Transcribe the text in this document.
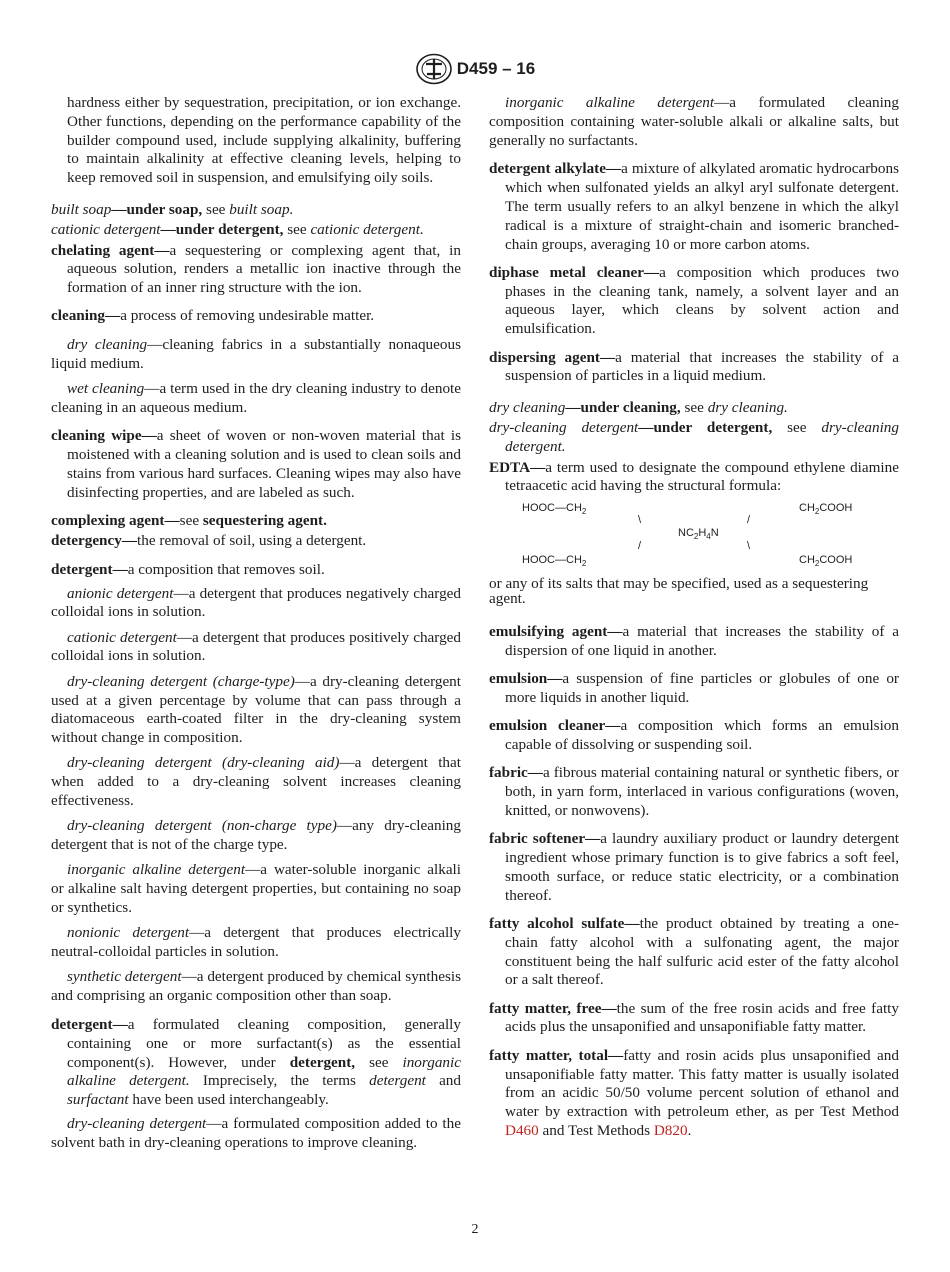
D459 – 16

hardness either by sequestration, precipitation, or ion exchange. Other functions, depending on the performance capability of the builder compound used, include supplying alkalinity, buffering to maintain alkalinity at effective cleaning levels, helping to keep removed soil in suspension, and emulsifying oily soils.

built soap—under soap, see built soap.

cationic detergent—under detergent, see cationic detergent.

chelating agent—a sequestering or complexing agent that, in aqueous solution, renders a metallic ion inactive through the formation of an inner ring structure with the ion.

cleaning—a process of removing undesirable matter.

dry cleaning—cleaning fabrics in a substantially nonaqueous liquid medium.

wet cleaning—a term used in the dry cleaning industry to denote cleaning in an aqueous medium.

cleaning wipe—a sheet of woven or non-woven material that is moistened with a cleaning solution and is used to clean soils and stains from various hard surfaces. Cleaning wipes may also have disinfecting properties, and are labeled as such.

complexing agent—see sequestering agent.

detergency—the removal of soil, using a detergent.

detergent—a composition that removes soil.

anionic detergent—a detergent that produces negatively charged colloidal ions in solution.

cationic detergent—a detergent that produces positively charged colloidal ions in solution.

dry-cleaning detergent (charge-type)—a dry-cleaning detergent used at a given percentage by volume that can pass through a diatomaceous earth-coated filter in the dry-cleaning system without change in composition.

dry-cleaning detergent (dry-cleaning aid)—a detergent that when added to a dry-cleaning solvent increases cleaning effectiveness.

dry-cleaning detergent (non-charge type)—any dry-cleaning detergent that is not of the charge type.

inorganic alkaline detergent—a water-soluble inorganic alkali or alkaline salt having detergent properties, but containing no soap or synthetics.

nonionic detergent—a detergent that produces electrically neutral-colloidal particles in solution.

synthetic detergent—a detergent produced by chemical synthesis and comprising an organic composition other than soap.

detergent—a formulated cleaning composition, generally containing one or more surfactant(s) as the essential component(s). However, under detergent, see inorganic alkaline detergent. Imprecisely, the terms detergent and surfactant have been used interchangeably.

dry-cleaning detergent—a formulated composition added to the solvent bath in dry-cleaning operations to improve cleaning.

inorganic alkaline detergent—a formulated cleaning composition containing water-soluble alkali or alkaline salts, but generally no surfactants.

detergent alkylate—a mixture of alkylated aromatic hydrocarbons which when sulfonated yields an alkyl aryl sulfonate detergent. The term usually refers to an alkyl benzene in which the alkyl radical is a mixture of straight-chain and isomeric branched-chain groups, averaging 10 or more carbon atoms.

diphase metal cleaner—a composition which produces two phases in the cleaning tank, namely, a solvent layer and an aqueous layer, which cleans by solvent action and emulsification.

dispersing agent—a material that increases the stability of a suspension of particles in a liquid medium.

dry cleaning—under cleaning, see dry cleaning.

dry-cleaning detergent—under detergent, see dry-cleaning detergent.

EDTA—a term used to designate the compound ethylene diamine tetraacetic acid having the structural formula:

$HOOC—CH_2$	$CH_2COOH$
\	/
$NC_2H_4N$
/	\
$HOOC—CH_2$	$CH_2COOH$

or any of its salts that may be specified, used as a sequestering agent.

emulsifying agent—a material that increases the stability of a dispersion of one liquid in another.

emulsion—a suspension of fine particles or globules of one or more liquids in another liquid.

emulsion cleaner—a composition which forms an emulsion capable of dissolving or suspending soil.

fabric—a fibrous material containing natural or synthetic fibers, or both, in yarn form, interlaced in various configurations (woven, knitted, or nonwovens).

fabric softener—a laundry auxiliary product or laundry detergent ingredient whose primary function is to give fabrics a soft feel, smooth surface, or reduce static electricity, or a combination thereof.

fatty alcohol sulfate—the product obtained by treating a one-chain fatty alcohol with a sulfonating agent, the major constituent being the half sulfuric acid ester of the fatty alcohol or a salt thereof.

fatty matter, free—the sum of the free rosin acids and free fatty acids plus the unsaponified and unsaponifiable fatty matter.

fatty matter, total—fatty and rosin acids plus unsaponified and unsaponifiable fatty matter. This fatty matter is usually isolated from an acidic 50/50 volume percent solution of ethanol and water by extraction with petroleum ether, as per Test Method D460 and Test Methods D820.

2
